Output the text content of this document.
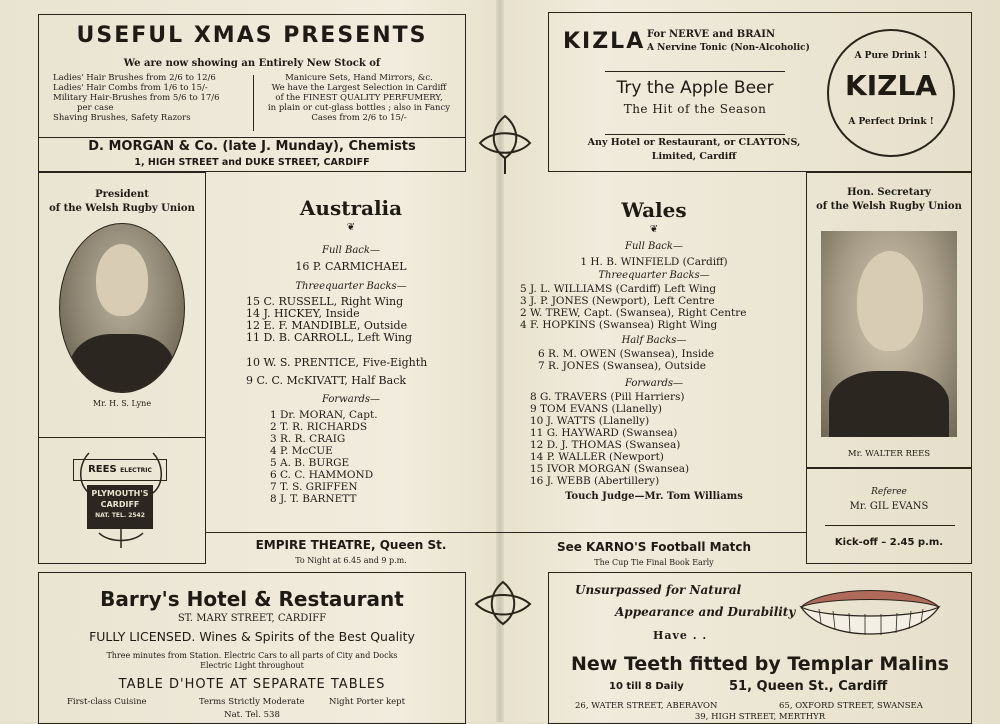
USEFUL XMAS PRESENTS
We are now showing an Entirely New Stock of
Ladies' Hair Brushes from 2/6 to 12/6
Ladies' Hair Combs from 1/6 to 15/-
Military Hair-Brushes from 5/6 to 17/6
per case
Shaving Brushes, Safety Razors
Manicure Sets, Hand Mirrors, &c.
We have the Largest Selection in Cardiff
of the FINEST QUALITY PERFUMERY,
in plain or cut-glass bottles ; also in Fancy
Cases from 2/6 to 15/-
D. MORGAN & Co. (late J. Munday), Chemists
1, HIGH STREET and DUKE STREET, CARDIFF
KIZLA For NERVE and BRAIN
A Nervine Tonic (Non-Alcoholic)
Try the Apple Beer
The Hit of the Season
Any Hotel or Restaurant, or CLAYTONS,
Limited, Cardiff
A Pure Drink !
KIZLA
A Perfect Drink !
President
of the Welsh Rugby Union
Mr. H. S. Lyne
REES ELECTRIC
PLYMOUTH'S
CARDIFF
NAT. TEL. 2542
Australia
❦
Full Back—
16 P. CARMICHAEL
Threequarter Backs—
15 C. RUSSELL, Right Wing
14 J. HICKEY, Inside
12 E. F. MANDIBLE, Outside
11 D. B. CARROLL, Left Wing
10 W. S. PRENTICE, Five-Eighth
9 C. C. McKIVATT, Half Back
Forwards—
1 Dr. MORAN, Capt.
2 T. R. RICHARDS
3 R. R. CRAIG
4 P. McCUE
5 A. B. BURGE
6 C. C. HAMMOND
7 T. S. GRIFFEN
8 J. T. BARNETT
Wales
❦
Full Back—
1 H. B. WINFIELD (Cardiff)
Threequarter Backs—
5 J. L. WILLIAMS (Cardiff) Left Wing
3 J. P. JONES (Newport), Left Centre
2 W. TREW, Capt. (Swansea), Right Centre
4 F. HOPKINS (Swansea) Right Wing
Half Backs—
6 R. M. OWEN (Swansea), Inside
7 R. JONES (Swansea), Outside
Forwards—
8 G. TRAVERS (Pill Harriers)
9 TOM EVANS (Llanelly)
10 J. WATTS (Llanelly)
11 G. HAYWARD (Swansea)
12 D. J. THOMAS (Swansea)
14 P. WALLER (Newport)
15 IVOR MORGAN (Swansea)
16 J. WEBB (Abertillery)
Touch Judge—Mr. Tom Williams
Hon. Secretary
of the Welsh Rugby Union
Mr. WALTER REES
Referee
Mr. GIL EVANS
Kick-off – 2.45 p.m.
EMPIRE THEATRE, Queen St.
To Night at 6.45 and 9 p.m.
See KARNO'S Football Match
The Cup Tie Final Book Early
Barry's Hotel & Restaurant
ST. MARY STREET, CARDIFF
FULLY LICENSED. Wines & Spirits of the Best Quality
Three minutes from Station. Electric Cars to all parts of City and Docks
Electric Light throughout
TABLE D'HOTE AT SEPARATE TABLES
First-class Cuisine	Terms Strictly Moderate	Night Porter kept
Nat. Tel. 538
Unsurpassed for Natural
Appearance and Durability
Have . .
New Teeth fitted by Templar Malins
10 till 8 Daily	51, Queen St., Cardiff
26, WATER STREET, ABERAVON	65, OXFORD STREET, SWANSEA
39, HIGH STREET, MERTHYR
